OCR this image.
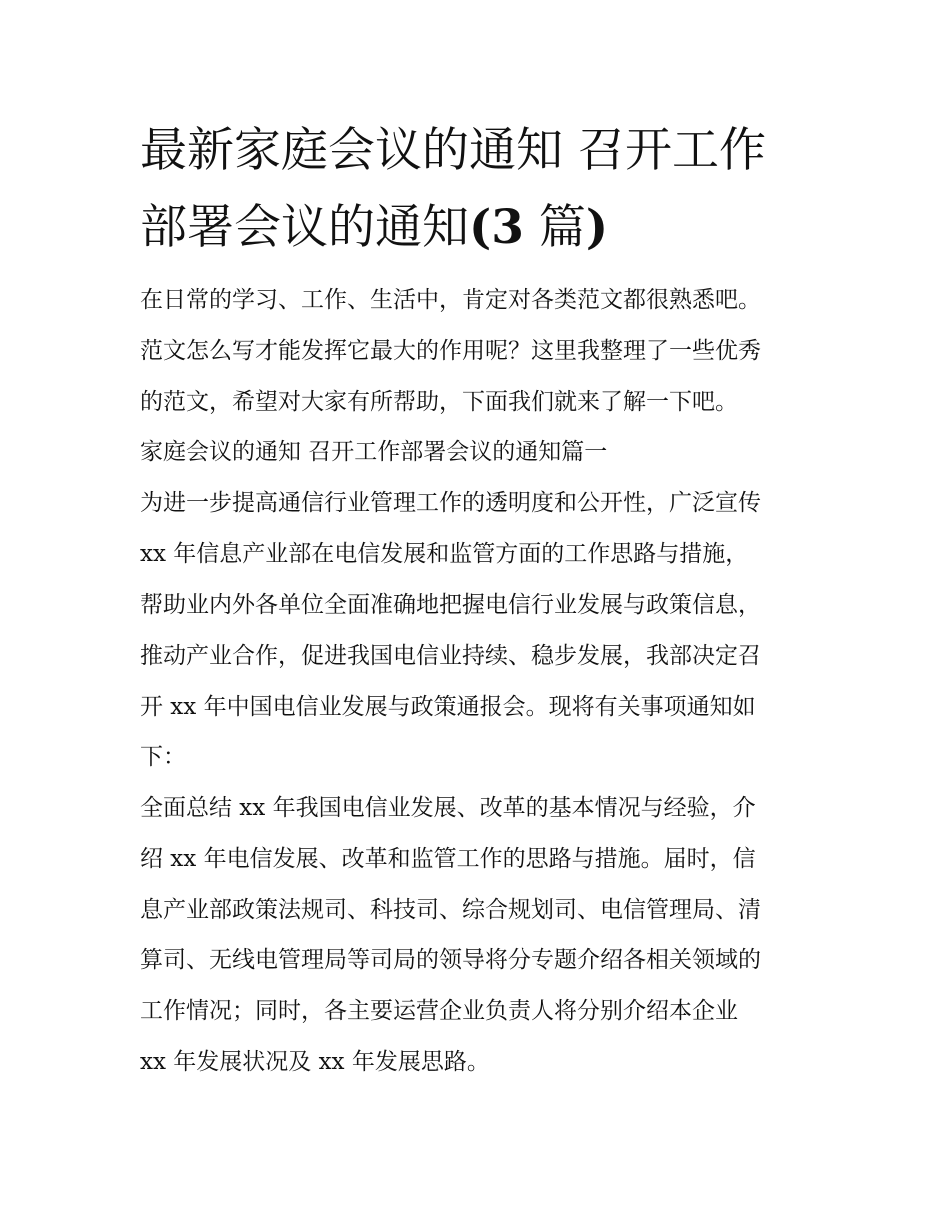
最新家庭会议的通知 召开工作
部署会议的通知(3 篇)

在日常的学习、工作、生活中，肯定对各类范文都很熟悉吧。

范文怎么写才能发挥它最大的作用呢？这里我整理了一些优秀

的范文，希望对大家有所帮助，下面我们就来了解一下吧。

家庭会议的通知 召开工作部署会议的通知篇一

为进一步提高通信行业管理工作的透明度和公开性，广泛宣传

xx 年信息产业部在电信发展和监管方面的工作思路与措施，

帮助业内外各单位全面准确地把握电信行业发展与政策信息，

推动产业合作，促进我国电信业持续、稳步发展，我部决定召

开 xx 年中国电信业发展与政策通报会。现将有关事项通知如

下：

全面总结 xx 年我国电信业发展、改革的基本情况与经验，介

绍 xx 年电信发展、改革和监管工作的思路与措施。届时，信

息产业部政策法规司、科技司、综合规划司、电信管理局、清

算司、无线电管理局等司局的领导将分专题介绍各相关领域的

工作情况；同时，各主要运营企业负责人将分别介绍本企业

xx 年发展状况及 xx 年发展思路。
